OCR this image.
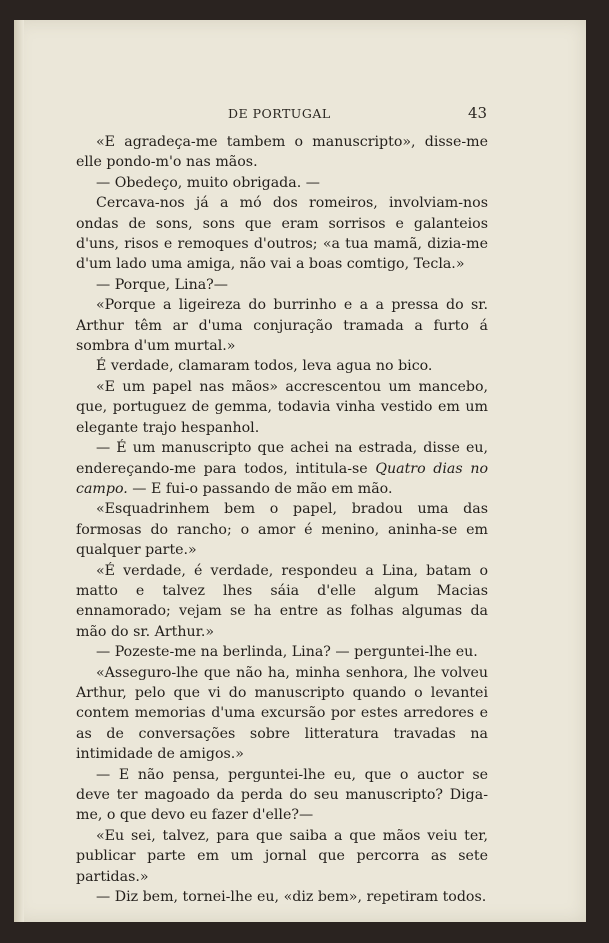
DE PORTUGAL	43

«E agradeça-me tambem o manuscripto», disse-me elle pondo-m'o nas mãos.

— Obedeço, muito obrigada. —

Cercava-nos já a mó dos romeiros, involviam-nos ondas de sons, sons que eram sorrisos e galanteios d'uns, risos e remoques d'outros; «a tua mamã, dizia-me d'um lado uma amiga, não vai a boas comtigo, Tecla.»

— Porque, Lina?—

«Porque a ligeireza do burrinho e a a pressa do sr. Arthur têm ar d'uma conjuração tramada a furto á sombra d'um murtal.»

É verdade, clamaram todos, leva agua no bico.

«E um papel nas mãos» accrescentou um mancebo, que, portuguez de gemma, todavia vinha vestido em um elegante trajo hespanhol.

— É um manuscripto que achei na estrada, disse eu, endereçando-me para todos, intitula-se Quatro dias no campo. — E fui-o passando de mão em mão.

«Esquadrinhem bem o papel, bradou uma das formosas do rancho; o amor é menino, aninha-se em qualquer parte.»

«É verdade, é verdade, respondeu a Lina, batam o matto e talvez lhes sáia d'elle algum Macias ennamorado; vejam se ha entre as folhas algumas da mão do sr. Arthur.»

— Pozeste-me na berlinda, Lina? — perguntei-lhe eu.

«Asseguro-lhe que não ha, minha senhora, lhe volveu Arthur, pelo que vi do manuscripto quando o levantei contem memorias d'uma excursão por estes arredores e as de conversações sobre litteratura travadas na intimidade de amigos.»

— E não pensa, perguntei-lhe eu, que o auctor se deve ter magoado da perda do seu manuscripto? Diga-me, o que devo eu fazer d'elle?—

«Eu sei, talvez, para que saiba a que mãos veiu ter, publicar parte em um jornal que percorra as sete partidas.»

— Diz bem, tornei-lhe eu, «diz bem», repetiram todos.
